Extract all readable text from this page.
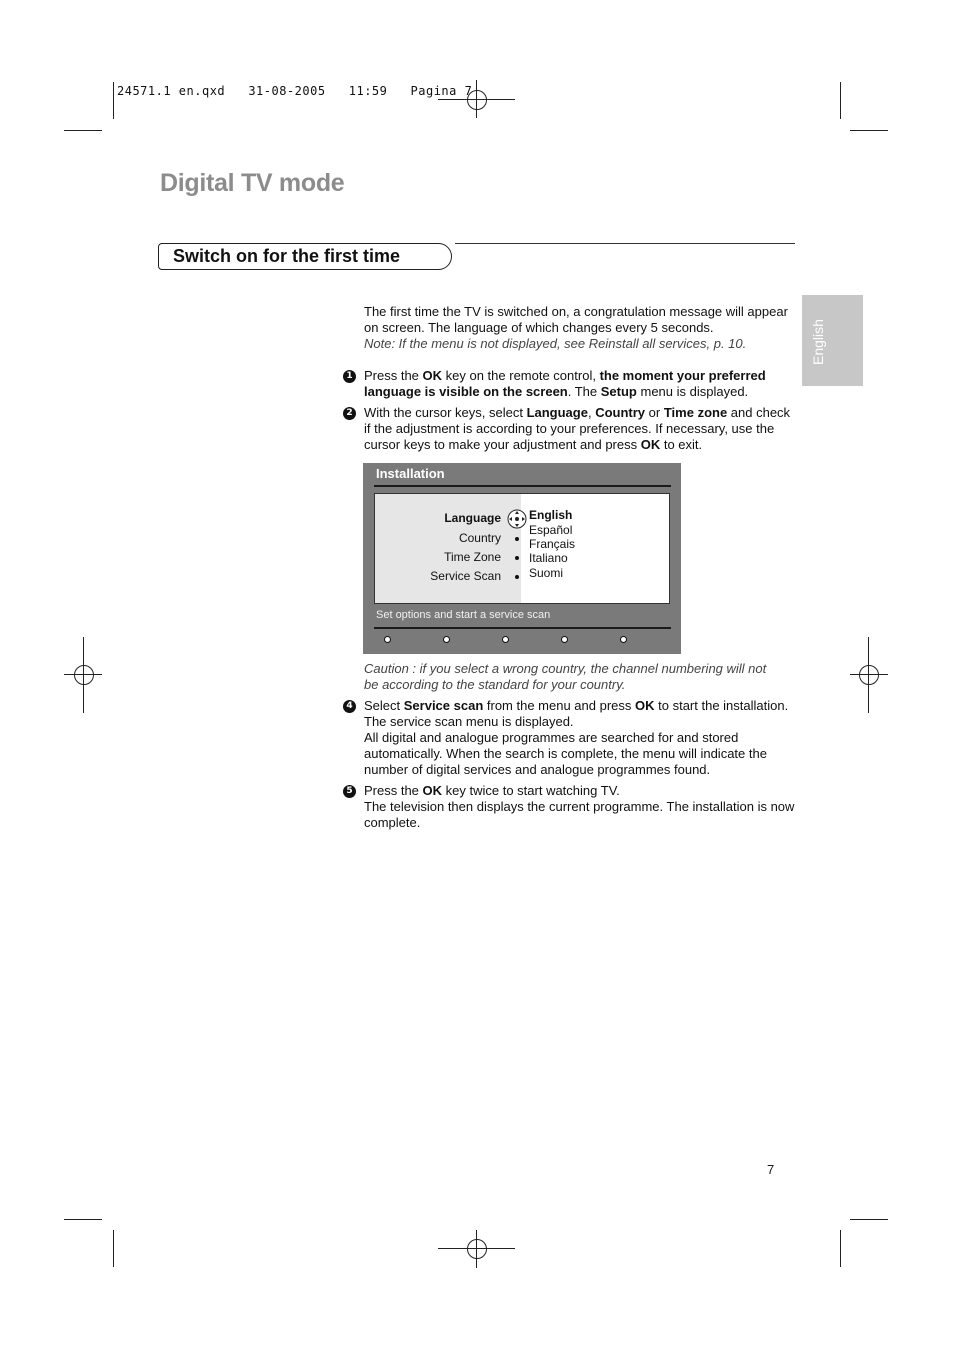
24571.1 en.qxd   31-08-2005   11:59   Pagina 7
Digital TV mode
Switch on for the first time
English
The first time the TV is switched on, a congratulation message will appear on screen. The language of which changes every 5 seconds.
Note: If the menu is not displayed, see Reinstall all services, p. 10.
1 Press the OK key on the remote control, the moment your preferred language is visible on the screen. The Setup menu is displayed.
2 With the cursor keys, select Language, Country or Time zone and check if the adjustment is according to your preferences. If necessary, use the cursor keys to make your adjustment and press OK to exit.
Installation
Language
Country
Time Zone
Service Scan
English
Español
Français
Italiano
Suomi
Set options and start a service scan
Caution : if you select a wrong country, the channel numbering will not be according to the standard for your country.
4 Select Service scan from the menu and press OK to start the installation. The service scan menu is displayed.
All digital and analogue programmes are searched for and stored automatically. When the search is complete, the menu will indicate the number of digital services and analogue programmes found.
5 Press the OK key twice to start watching TV.
The television then displays the current programme. The installation is now complete.
7
